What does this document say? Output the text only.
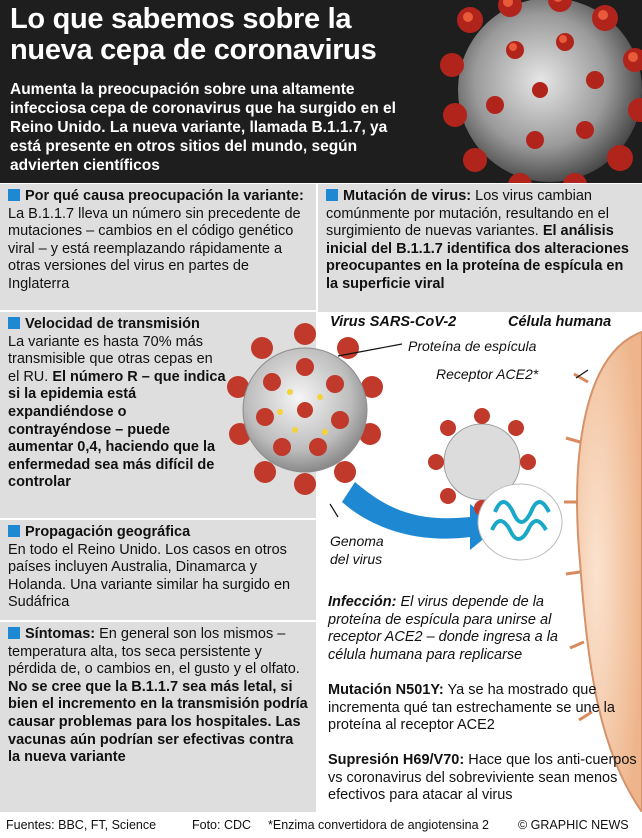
Lo que sabemos sobre la
nueva cepa de coronavirus
Aumenta la preocupación sobre una altamente infecciosa cepa de coronavirus que ha surgido en el Reino Unido. La nueva variante, llamada B.1.1.7, ya está presente en otros sitios del mundo, según advierten científicos
Por qué causa preocupación la variante: La B.1.1.7 lleva un número sin precedente de mutaciones – cambios en el código genético viral – y está reemplazando rápidamente a otras versiones del virus en partes de Inglaterra
Velocidad de transmisión
La variante es hasta 70% más transmisible que otras cepas en el RU. El número R – que indica si la epidemia está expandiéndose o contrayéndose – puede aumentar 0,4, haciendo que la enfermedad sea más difícil de controlar
Propagación geográfica
En todo el Reino Unido. Los casos en otros países incluyen Australia, Dinamarca y Holanda. Una variante similar ha surgido en Sudáfrica
Síntomas: En general son los mismos – temperatura alta, tos seca persistente y pérdida de, o cambios en, el gusto y el olfato. No se cree que la B.1.1.7 sea más letal, si bien el incremento en la transmisión podría causar problemas para los hospitales. Las vacunas aún podrían ser efectivas contra la nueva variante
Mutación de virus: Los virus cambian comúnmente por mutación, resultando en el surgimiento de nuevas variantes. El análisis inicial del B.1.1.7 identifica dos alteraciones preocupantes en la proteína de espícula en la superficie viral
Virus SARS-CoV-2	Célula humana
Proteína de espícula
Receptor ACE2*
Genoma
del virus
Infección: El virus depende de la proteína de espícula para unirse al receptor ACE2 – donde ingresa a la célula humana para replicarse
Mutación N501Y: Ya se ha mostrado que incrementa qué tan estrechamente se une la proteína al receptor ACE2
Supresión H69/V70: Hace que los anti-cuerpos vs coronavirus del sobreviviente sean menos efectivos para atacar al virus
Fuentes: BBC, FT, Science	Foto: CDC *Enzima convertidora de angiotensina 2 © GRAPHIC NEWS
